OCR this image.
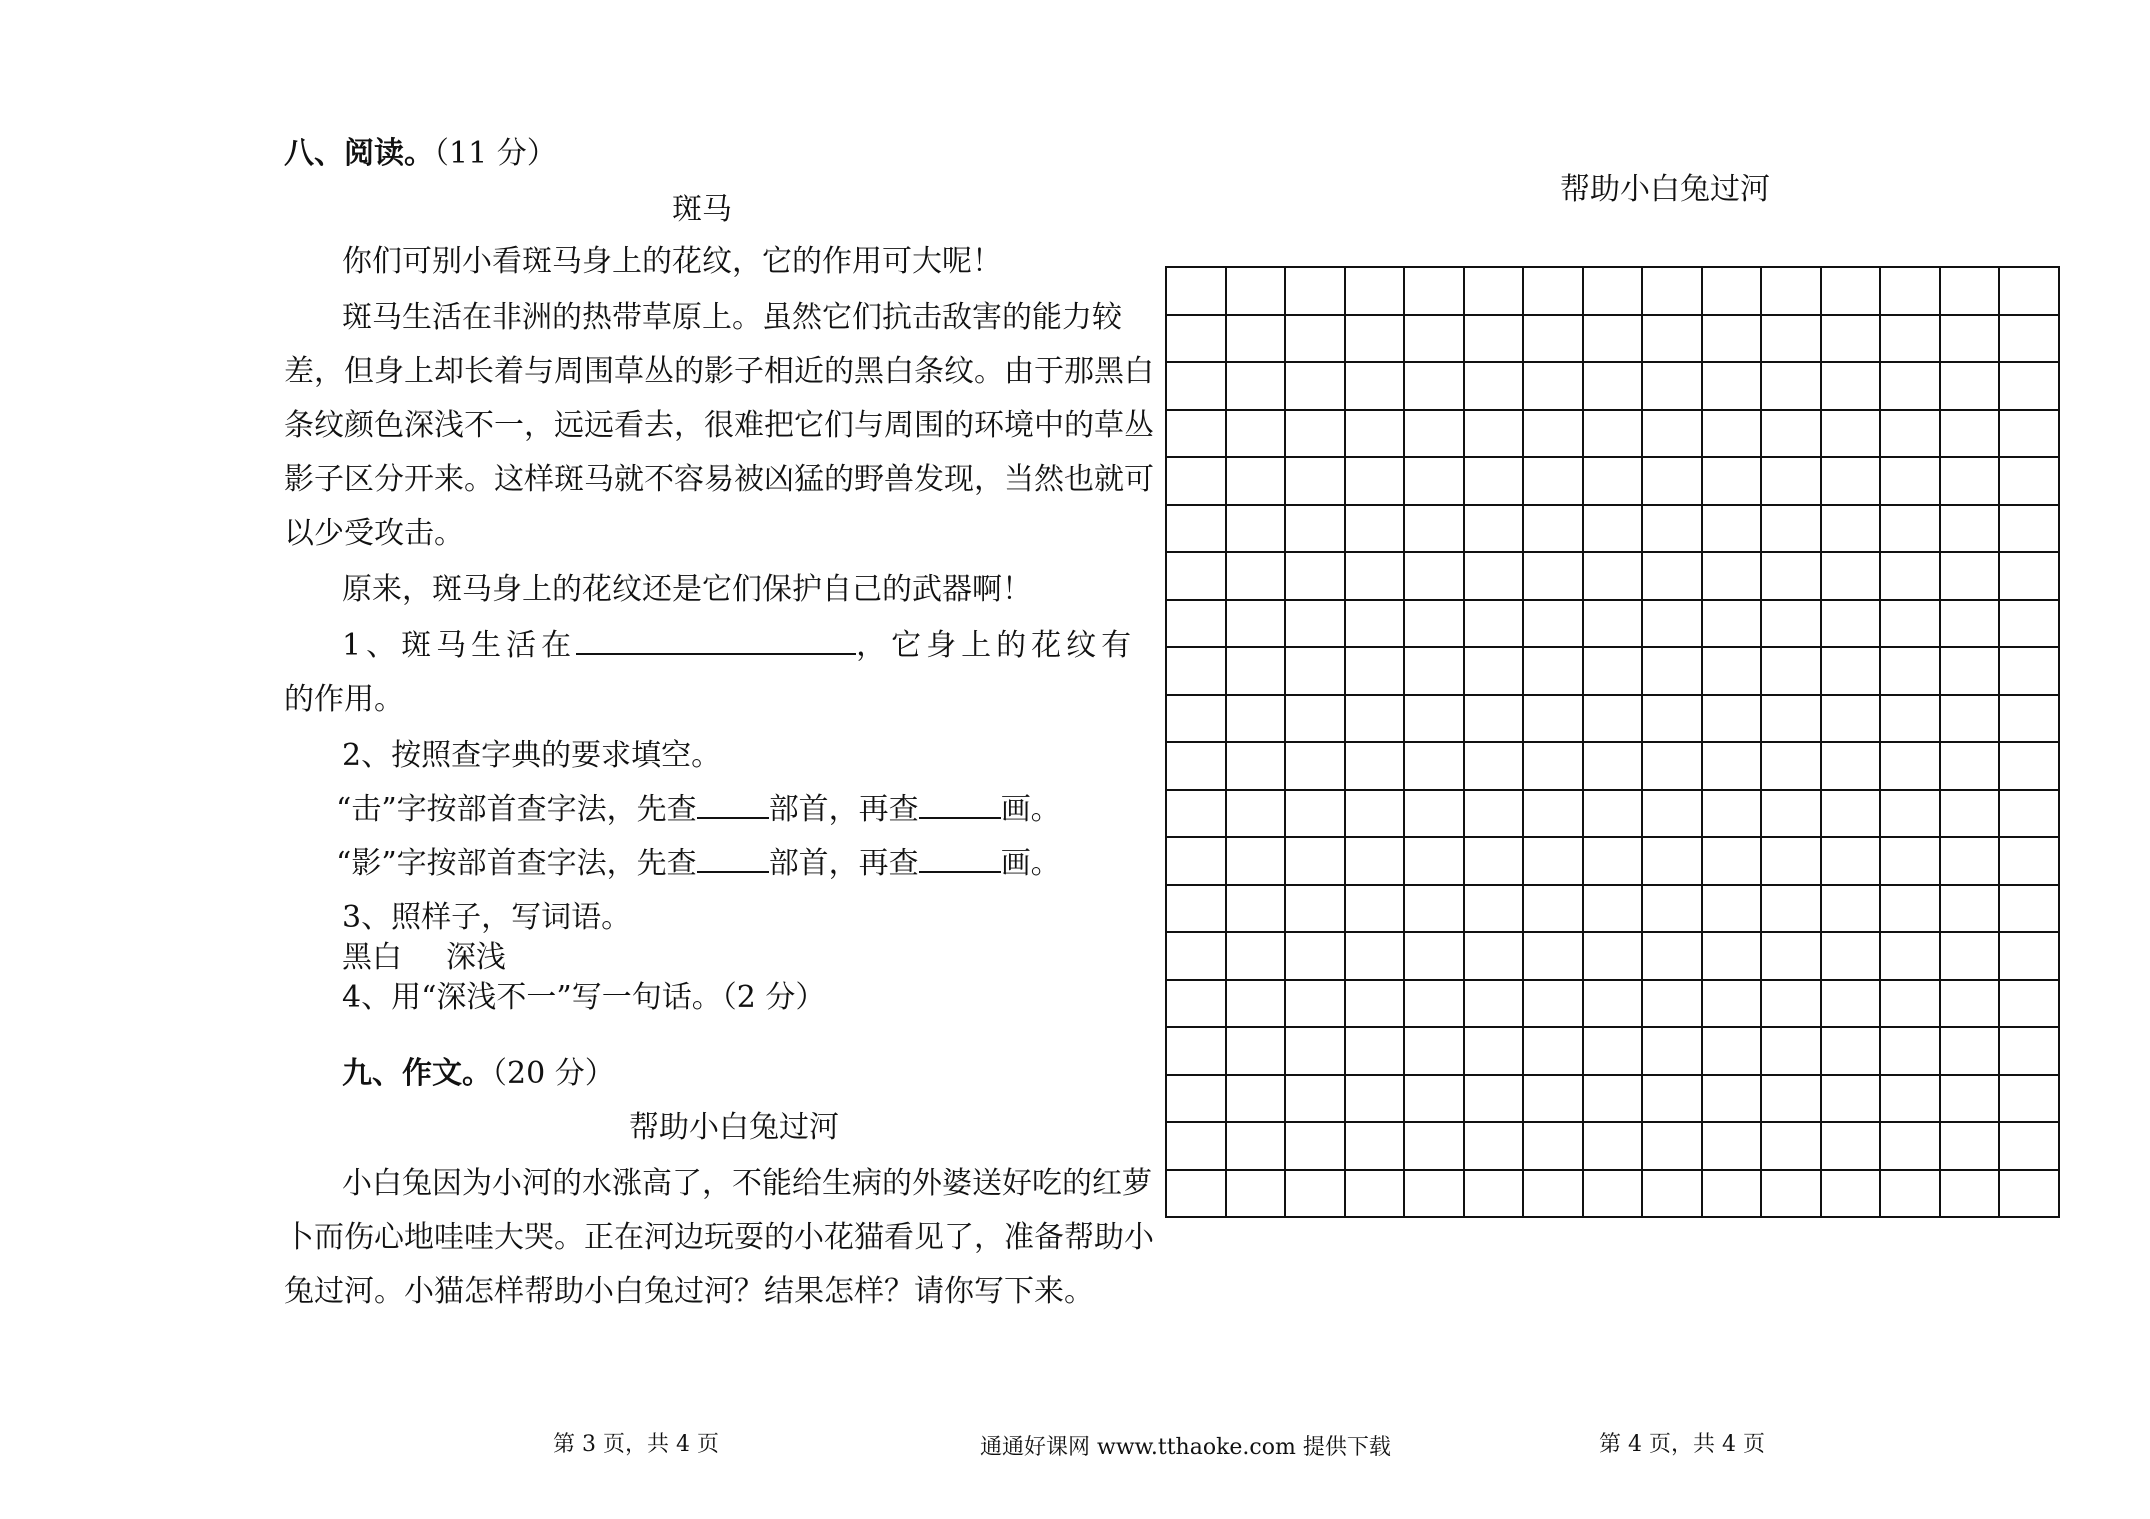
八、阅读。（11 分）
斑马
你们可别小看斑马身上的花纹，它的作用可大呢！
斑马生活在非洲的热带草原上。虽然它们抗击敌害的能力较
差，但身上却长着与周围草丛的影子相近的黑白条纹。由于那黑白
条纹颜色深浅不一，远远看去，很难把它们与周围的环境中的草丛
影子区分开来。这样斑马就不容易被凶猛的野兽发现，当然也就可
以少受攻击。
原来，斑马身上的花纹还是它们保护自己的武器啊！
1、斑马生活在	，它身上的花纹有
的作用。
2、按照查字典的要求填空。
“击”字按部首查字法，先查 部首，再查	画。
“影”字按部首查字法，先查 部首，再查	画。
3、照样子，写词语。
黑白 深浅
4、用“深浅不一”写一句话。（2 分）
九、作文。（20 分）
帮助小白兔过河
小白兔因为小河的水涨高了，不能给生病的外婆送好吃的红萝
卜而伤心地哇哇大哭。正在河边玩耍的小花猫看见了，准备帮助小
兔过河。小猫怎样帮助小白兔过河？结果怎样？请你写下来。
第 3 页，共 4 页	通通好课网 www.tthaoke.com 提供下载
帮助小白兔过河
第 4 页，共 4 页
